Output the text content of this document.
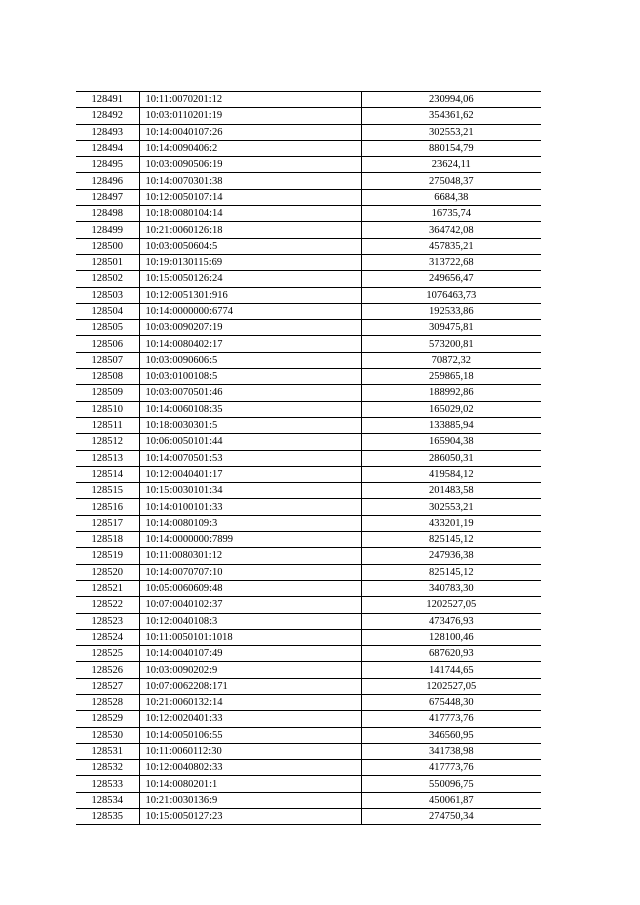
128491	10:11:0070201:12	230994,06
128492	10:03:0110201:19	354361,62
128493	10:14:0040107:26	302553,21
128494	10:14:0090406:2	880154,79
128495	10:03:0090506:19	23624,11
128496	10:14:0070301:38	275048,37
128497	10:12:0050107:14	6684,38
128498	10:18:0080104:14	16735,74
128499	10:21:0060126:18	364742,08
128500	10:03:0050604:5	457835,21
128501	10:19:0130115:69	313722,68
128502	10:15:0050126:24	249656,47
128503	10:12:0051301:916	1076463,73
128504	10:14:0000000:6774	192533,86
128505	10:03:0090207:19	309475,81
128506	10:14:0080402:17	573200,81
128507	10:03:0090606:5	70872,32
128508	10:03:0100108:5	259865,18
128509	10:03:0070501:46	188992,86
128510	10:14:0060108:35	165029,02
128511	10:18:0030301:5	133885,94
128512	10:06:0050101:44	165904,38
128513	10:14:0070501:53	286050,31
128514	10:12:0040401:17	419584,12
128515	10:15:0030101:34	201483,58
128516	10:14:0100101:33	302553,21
128517	10:14:0080109:3	433201,19
128518	10:14:0000000:7899	825145,12
128519	10:11:0080301:12	247936,38
128520	10:14:0070707:10	825145,12
128521	10:05:0060609:48	340783,30
128522	10:07:0040102:37	1202527,05
128523	10:12:0040108:3	473476,93
128524	10:11:0050101:1018	128100,46
128525	10:14:0040107:49	687620,93
128526	10:03:0090202:9	141744,65
128527	10:07:0062208:171	1202527,05
128528	10:21:0060132:14	675448,30
128529	10:12:0020401:33	417773,76
128530	10:14:0050106:55	346560,95
128531	10:11:0060112:30	341738,98
128532	10:12:0040802:33	417773,76
128533	10:14:0080201:1	550096,75
128534	10:21:0030136:9	450061,87
128535	10:15:0050127:23	274750,34
